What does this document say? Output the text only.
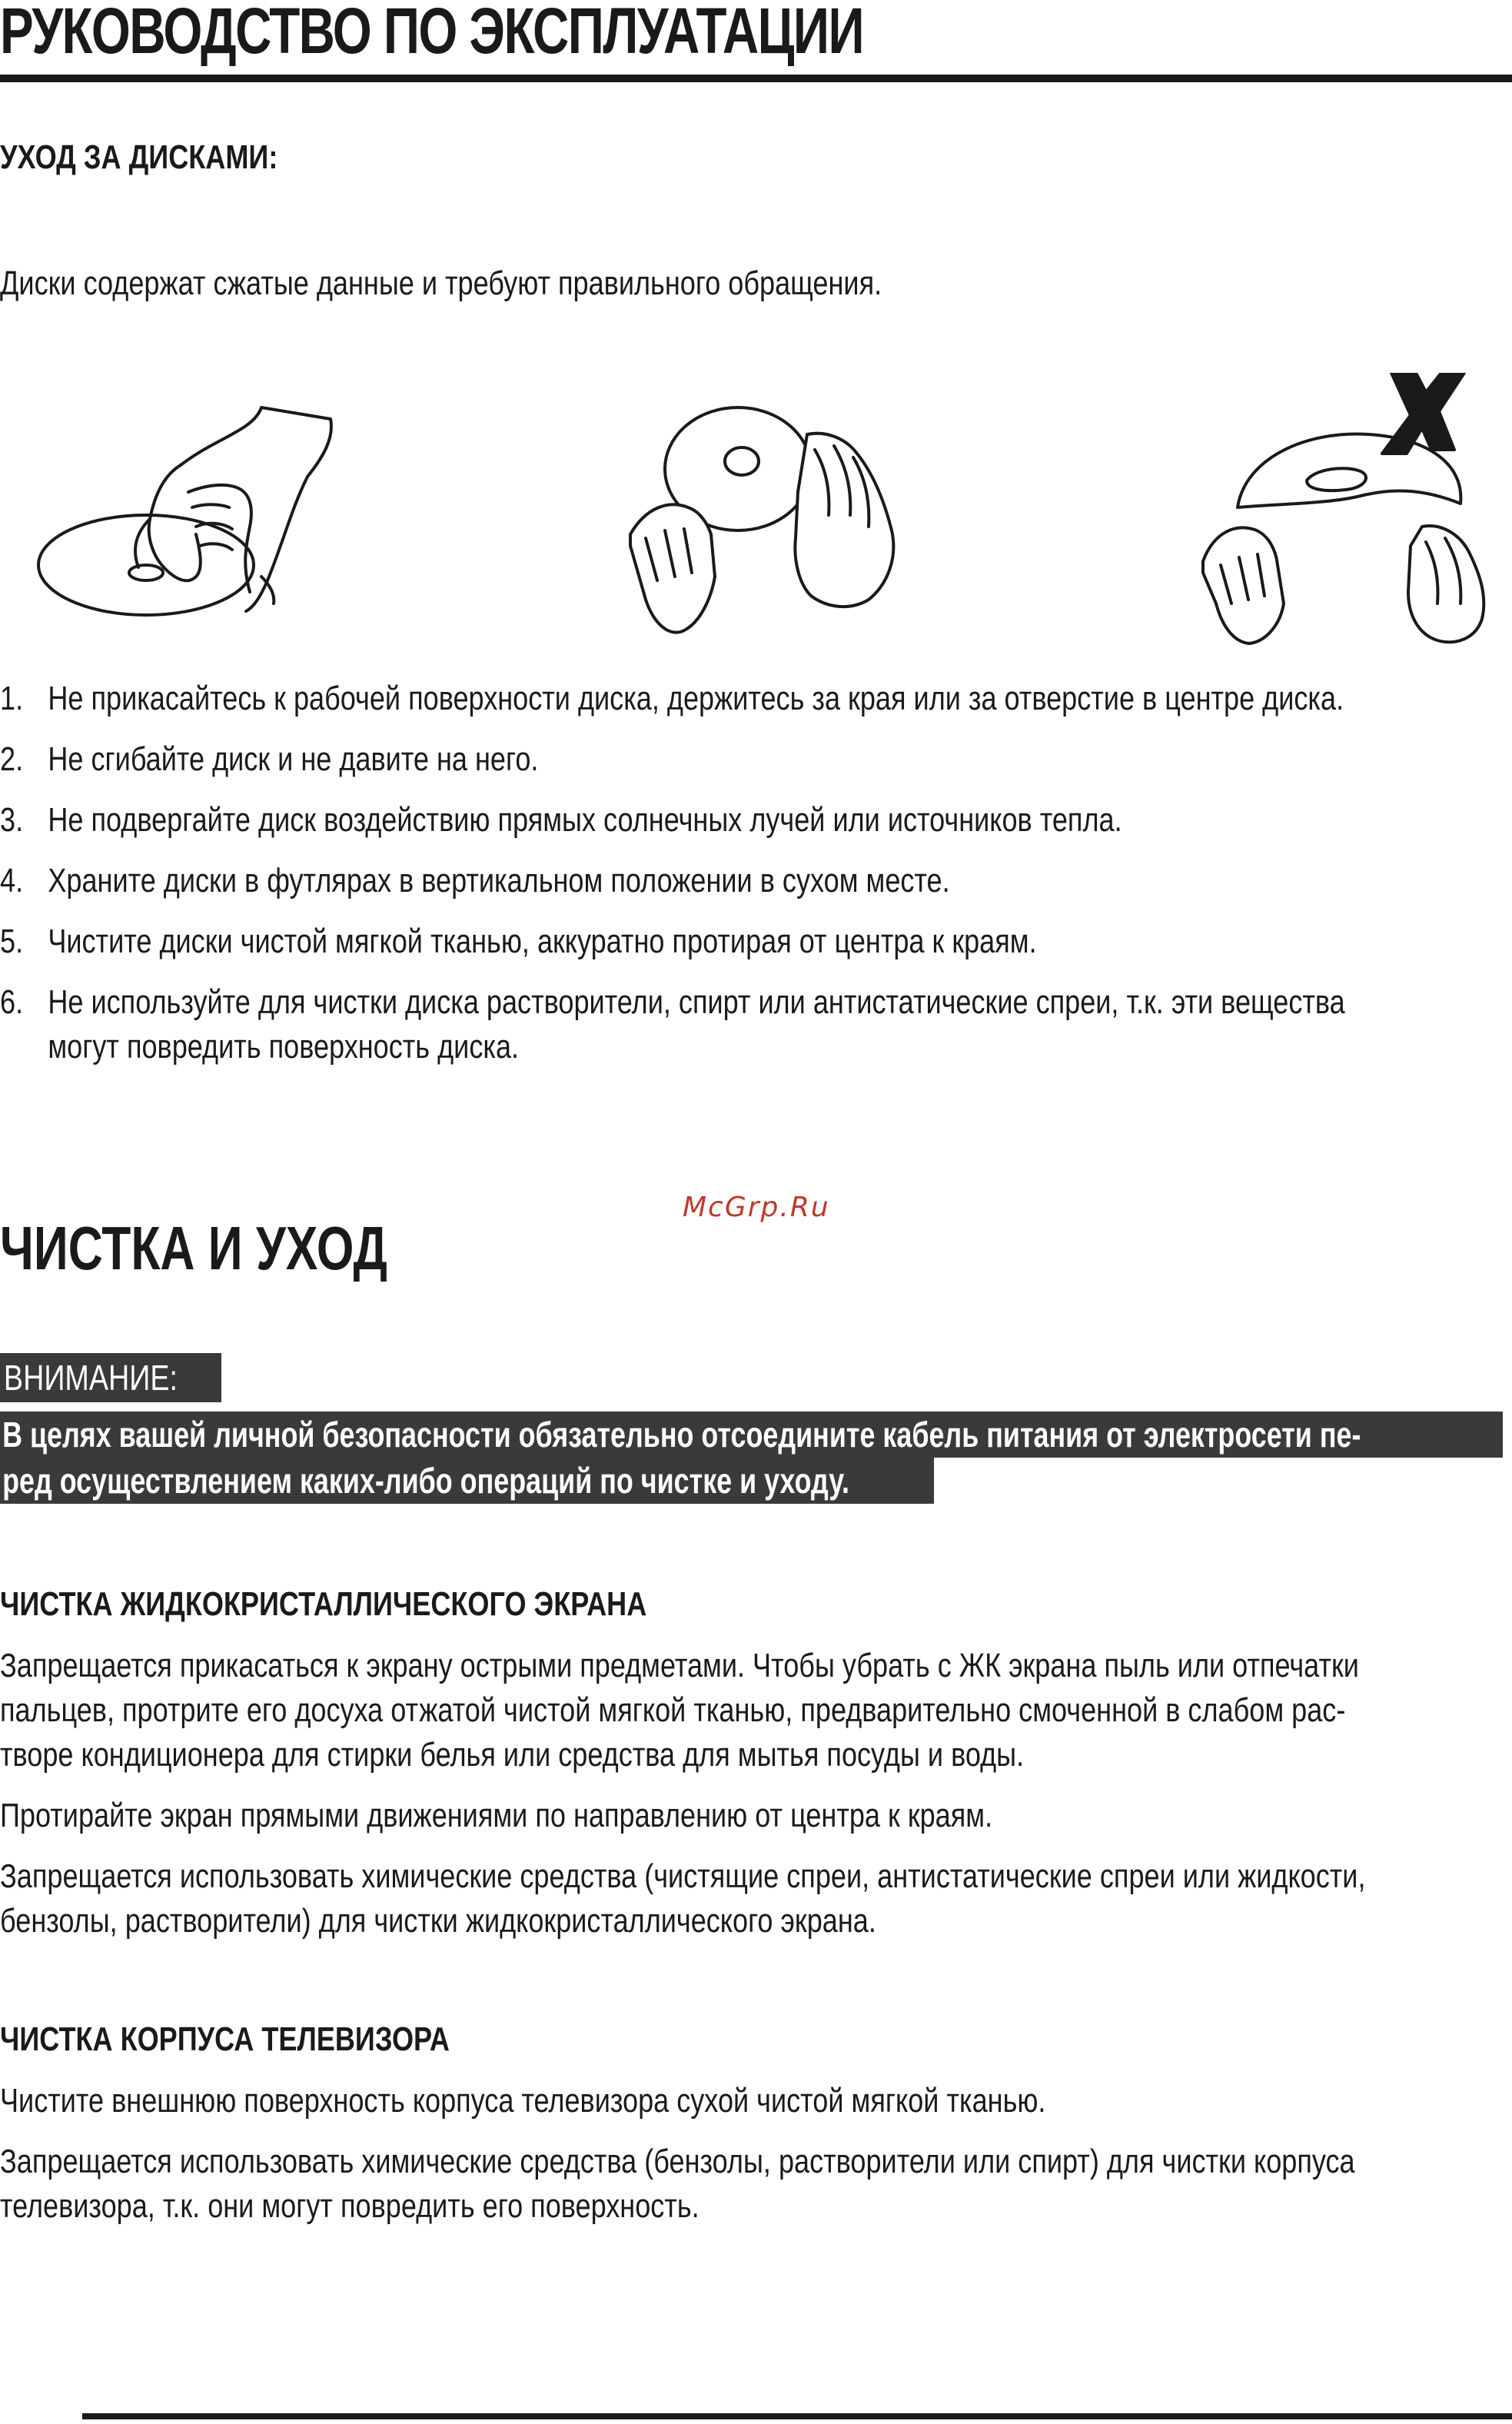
РУКОВОДСТВО ПО ЭКСПЛУАТАЦИИ
УХОД ЗА ДИСКАМИ:

Диски содержат сжатые данные и требуют правильного обращения.

1. Не прикасайтесь к рабочей поверхности диска, держитесь за края или за отверстие в центре диска.
2. Не сгибайте диск и не давите на него.
3. Не подвергайте диск воздействию прямых солнечных лучей или источников тепла.
4. Храните диски в футлярах в вертикальном положении в сухом месте.
5. Чистите диски чистой мягкой тканью, аккуратно протирая от центра к краям.
6. Не используйте для чистки диска растворители, спирт или антистатические спреи, т.к. эти вещества
могут повредить поверхность диска.
McGrp.Ru
ЧИСТКА И УХОД
ВНИМАНИЕ:
В целях вашей личной безопасности обязательно отсоедините кабель питания от электросети пе-
ред осуществлением каких-либо операций по чистке и уходу.
ЧИСТКА ЖИДКОКРИСТАЛЛИЧЕСКОГО ЭКРАНА

Запрещается прикасаться к экрану острыми предметами. Чтобы убрать с ЖК экрана пыль или отпечатки

пальцев, протрите его досуха отжатой чистой мягкой тканью, предварительно смоченной в слабом рас-

творе кондиционера для стирки белья или средства для мытья посуды и воды.

Протирайте экран прямыми движениями по направлению от центра к краям.

Запрещается использовать химические средства (чистящие спреи, антистатические спреи или жидкости,

бензолы, растворители) для чистки жидкокристаллического экрана.

ЧИСТКА КОРПУСА ТЕЛЕВИЗОРА

Чистите внешнюю поверхность корпуса телевизора сухой чистой мягкой тканью.

Запрещается использовать химические средства (бензолы, растворители или спирт) для чистки корпуса

телевизора, т.к. они могут повредить его поверхность.
